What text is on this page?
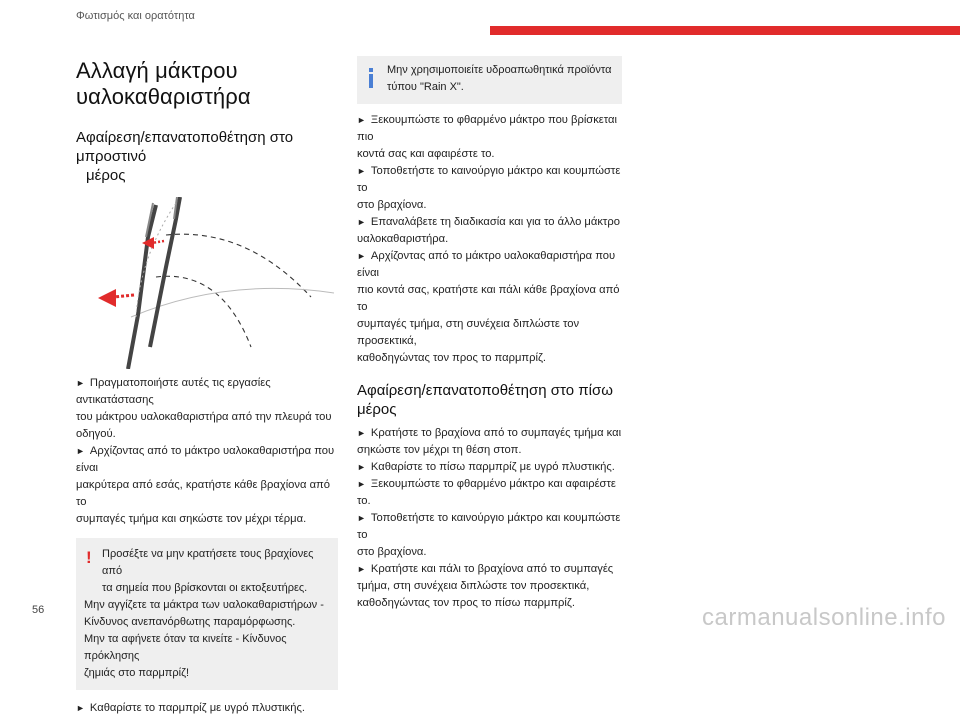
Φωτισμός και ορατότητα
Αλλαγή μάκτρου
υαλοκαθαριστήρα
Αφαίρεση/επανατοποθέτηση στο μπροστινό
μέρος

► Πραγματοποιήστε αυτές τις εργασίες αντικατάστασης
του μάκτρου υαλοκαθαριστήρα από την πλευρά του
οδηγού.

► Αρχίζοντας από το μάκτρο υαλοκαθαριστήρα που είναι
μακρύτερα από εσάς, κρατήστε κάθε βραχίονα από το
συμπαγές τμήμα και σηκώστε τον μέχρι τέρμα.

! Προσέξτε να μην κρατήσετε τους βραχίονες από

τα σημεία που βρίσκονται οι εκτοξευτήρες.

Μην αγγίζετε τα μάκτρα των υαλοκαθαριστήρων -

Κίνδυνος ανεπανόρθωτης παραμόρφωσης.

Μην τα αφήνετε όταν τα κινείτε - Κίνδυνος πρόκλησης

ζημιάς στο παρμπρίζ!

► Καθαρίστε το παρμπρίζ με υγρό πλυστικής.

Μην χρησιμοποιείτε υδροαπωθητικά προϊόντα

τύπου "Rain X".

► Ξεκουμπώστε το φθαρμένο μάκτρο που βρίσκεται πιο
κοντά σας και αφαιρέστε το.

► Τοποθετήστε το καινούργιο μάκτρο και κουμπώστε το
στο βραχίονα.

► Επαναλάβετε τη διαδικασία και για το άλλο μάκτρο
υαλοκαθαριστήρα.

► Αρχίζοντας από το μάκτρο υαλοκαθαριστήρα που είναι
πιο κοντά σας, κρατήστε και πάλι κάθε βραχίονα από το
συμπαγές τμήμα, στη συνέχεια διπλώστε τον προσεκτικά,
καθοδηγώντας τον προς το παρμπρίζ.

Αφαίρεση/επανατοποθέτηση στο πίσω μέρος

► Κρατήστε το βραχίονα από το συμπαγές τμήμα και
σηκώστε τον μέχρι τη θέση στοπ.

► Καθαρίστε το πίσω παρμπρίζ με υγρό πλυστικής.

► Ξεκουμπώστε το φθαρμένο μάκτρο και αφαιρέστε το.

► Τοποθετήστε το καινούργιο μάκτρο και κουμπώστε το
στο βραχίονα.

► Κρατήστε και πάλι το βραχίονα από το συμπαγές
τμήμα, στη συνέχεια διπλώστε τον προσεκτικά,
καθοδηγώντας τον προς το πίσω παρμπρίζ.

56	carmanualsonline.info
